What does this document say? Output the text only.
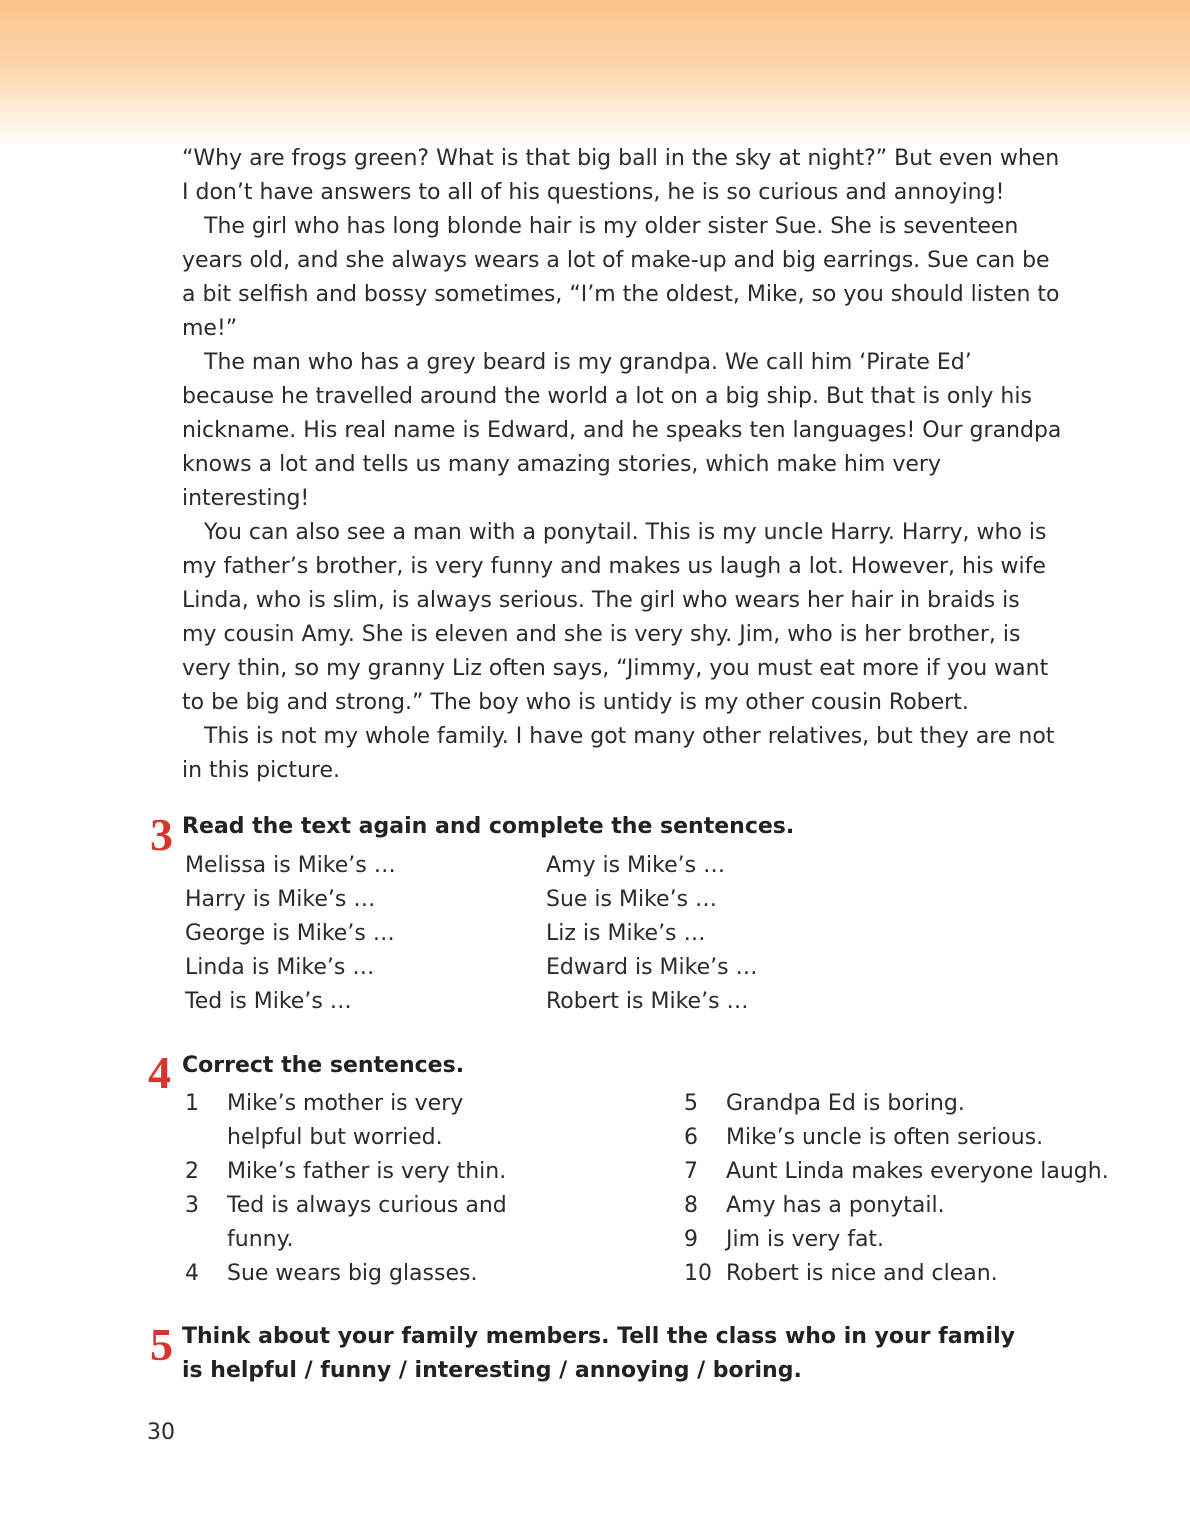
“Why are frogs green? What is that big ball in the sky at night?” But even when
I don’t have answers to all of his questions, he is so curious and annoying!

The girl who has long blonde hair is my older sister Sue. She is seventeen
years old, and she always wears a lot of make-up and big earrings. Sue can be
a bit selfish and bossy sometimes, “I’m the oldest, Mike, so you should listen to
me!”

The man who has a grey beard is my grandpa. We call him ‘Pirate Ed’
because he travelled around the world a lot on a big ship. But that is only his
nickname. His real name is Edward, and he speaks ten languages! Our grandpa
knows a lot and tells us many amazing stories, which make him very
interesting!

You can also see a man with a ponytail. This is my uncle Harry. Harry, who is
my father’s brother, is very funny and makes us laugh a lot. However, his wife
Linda, who is slim, is always serious. The girl who wears her hair in braids is
my cousin Amy. She is eleven and she is very shy. Jim, who is her brother, is
very thin, so my granny Liz often says, “Jimmy, you must eat more if you want
to be big and strong.” The boy who is untidy is my other cousin Robert.

This is not my whole family. I have got many other relatives, but they are not
in this picture.

3 Read the text again and complete the sentences.
Melissa is Mike’s …
Harry is Mike’s …
George is Mike’s …
Linda is Mike’s …
Ted is Mike’s …
Amy is Mike’s …
Sue is Mike’s …
Liz is Mike’s …
Edward is Mike’s …
Robert is Mike’s …
4 Correct the sentences.
1	Mike’s mother is very
helpful but worried.
2	Mike’s father is very thin.
3	Ted is always curious and
funny.
4	Sue wears big glasses.
5	Grandpa Ed is boring.
6	Mike’s uncle is often serious.
7	Aunt Linda makes everyone laugh.
8	Amy has a ponytail.
9	Jim is very fat.
10 Robert is nice and clean.
5 Think about your family members. Tell the class who in your family
is helpful / funny / interesting / annoying / boring.
30
